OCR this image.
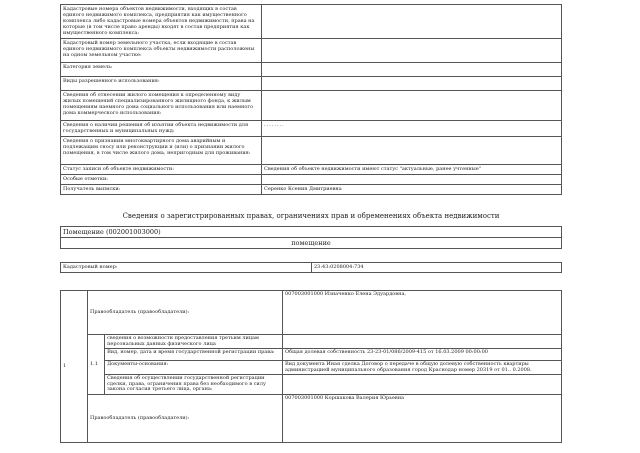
Кадастровые номера объектов недвижимости, входящих в состав единого недвижимого комплекса, предприятия как имущественного комплекса либо кадастровые номера объектов недвижимости, права на которые (в том числе право аренды) входят в состав предприятия как имущественного комплекса:	
Кадастровый номер земельного участка, если входящие в состав единого недвижимого комплекса объекты недвижимости расположены на одном земельном участке:	
Категория земель:	
Виды разрешенного использования:	
Сведения об отнесении жилого помещения к определенному виду жилых помещений специализированного жилищного фонда, к жилым помещениям наемного дома социального использования или наемного дома коммерческого использования:	
Сведения о наличии решения об изъятии объекта недвижимости для государственных и муниципальных нужд:	........
Сведения о признании многоквартирного дома аварийным и подлежащим сносу или реконструкции и (или) о признании жилого помещения, в том числе жилого дома, непригодным для проживания:	
Статус записи об объекте недвижимости:	Сведения об объекте недвижимости имеют статус "актуальные, ранее учтенные"
Особые отметки:	
Получатель выписки:	Серенко Ксения Дмитриевна
Сведения о зарегистрированных правах, ограничениях прав и обременениях объекта недвижимости
Помещение (002001003000)
помещение
Кадастровый номер:	23:43:0208004:734
1	Правообладатель (правообладатели):		007003001000 Изначенко Елена Эдуардовна,
	1.1	сведения о возможности предоставления третьим лицам персональных данных физического лица	
		Вид, номер, дата и время государственной регистрации права:	Общая долевая собственность 23-23-01/086/2009-415 от 16.03.2009 00:00:00
		Документы-основания:	Вид документа Иная сделка Договор о передаче в общую долевую собственность квартиры администрацией муниципального образования город Краснодар номер 20319 от 01.. 0.2008.
		Сведения об осуществлении государственной регистрации сделки, права, ограничения права без необходимого в силу закона согласия третьего лица, органа:	
	Правообладатель (правообладатели):		007003001000 Коршакова Валерия Юрьевна
